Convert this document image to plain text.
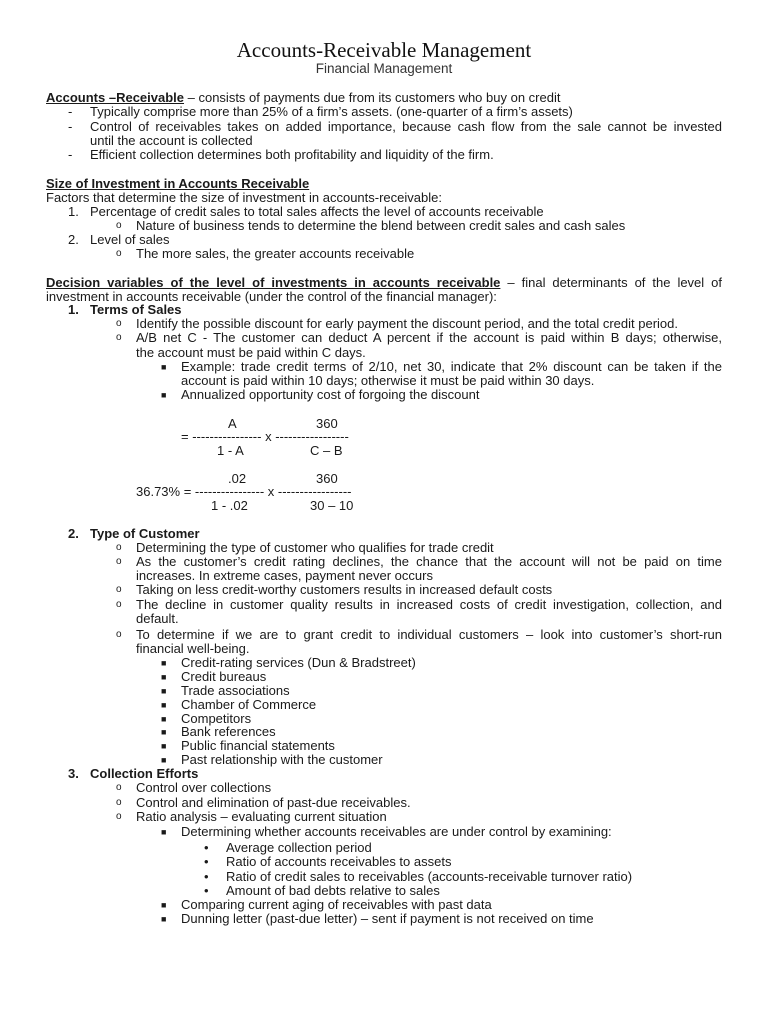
Accounts-Receivable Management
Financial Management
Accounts –Receivable – consists of payments due from its customers who buy on credit
- Typically comprise more than 25% of a firm’s assets. (one-quarter of a firm’s assets)
- Control of receivables takes on added importance, because cash flow from the sale cannot be invested
until the account is collected
- Efficient collection determines both profitability and liquidity of the firm.
Size of Investment in Accounts Receivable
Factors that determine the size of investment in accounts-receivable:
1. Percentage of credit sales to total sales affects the level of accounts receivable
o Nature of business tends to determine the blend between credit sales and cash sales
2. Level of sales
o The more sales, the greater accounts receivable
Decision variables of the level of investments in accounts receivable – final determinants of the level of
investment in accounts receivable (under the control of the financial manager):
1. Terms of Sales
o Identify the possible discount for early payment the discount period, and the total credit period.
o A/B net C - The customer can deduct A percent if the account is paid within B days; otherwise,
the account must be paid within C days.
■ Example: trade credit terms of 2/10, net 30, indicate that 2% discount can be taken if the
account is paid within 10 days; otherwise it must be paid within 30 days.
■ Annualized opportunity cost of forgoing the discount
A	360
= ---------------- x -----------------
1 - A	C – B
.02	360
36.73% = ---------------- x -----------------
1 - .02	30 – 10
2. Type of Customer
o Determining the type of customer who qualifies for trade credit
o As the customer’s credit rating declines, the chance that the account will not be paid on time
increases. In extreme cases, payment never occurs
o Taking on less credit-worthy customers results in increased default costs
o The decline in customer quality results in increased costs of credit investigation, collection, and
default.
o To determine if we are to grant credit to individual customers – look into customer’s short-run
financial well-being.
■ Credit-rating services (Dun & Bradstreet)
■ Credit bureaus
■ Trade associations
■ Chamber of Commerce
■ Competitors
■ Bank references
■ Public financial statements
■ Past relationship with the customer
3. Collection Efforts
o Control over collections
o Control and elimination of past-due receivables.
o Ratio analysis – evaluating current situation
■ Determining whether accounts receivables are under control by examining:
• Average collection period
• Ratio of accounts receivables to assets
• Ratio of credit sales to receivables (accounts-receivable turnover ratio)
• Amount of bad debts relative to sales
■ Comparing current aging of receivables with past data
■ Dunning letter (past-due letter) – sent if payment is not received on time
